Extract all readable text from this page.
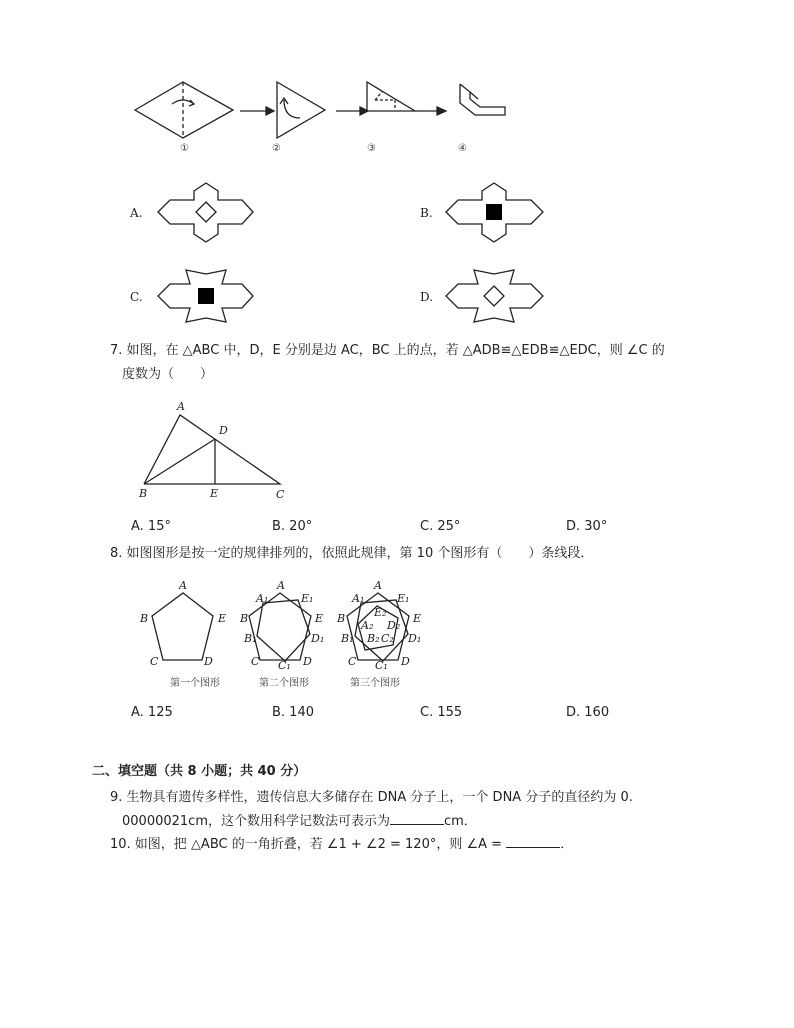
①	②	③	④
A.	B.
C.	D.
7. 如图，在 △ABC 中，D，E 分别是边 AC，BC 上的点，若 △ADB≌△EDB≌△EDC，则 ∠C 的
度数为（　　）
A
D
B	E	C
A. 15°	B. 20°	C. 25°	D. 30°
8. 如图图形是按一定的规律排列的，依照此规律，第 10 个图形有（　　）条线段．
A
B	E
C	D
A
A₁	E₁
B	E
B₁	D₁
C C₁ D
A
A₁	E₁
E₂
B	E
A₂ D₂
B₁ B₂ C₂ D₁
C C₁ D
第一个图形	第二个图形	第三个图形
A. 125	B. 140	C. 155	D. 160
二、填空题（共 8 小题；共 40 分）
9. 生物具有遗传多样性，遗传信息大多储存在 DNA 分子上，一个 DNA 分子的直径约为 0.
00000021cm，这个数用科学记数法可表示为	cm．
10. 如图，把 △ABC 的一角折叠，若 ∠1 + ∠2 = 120°，则 ∠A =	．
